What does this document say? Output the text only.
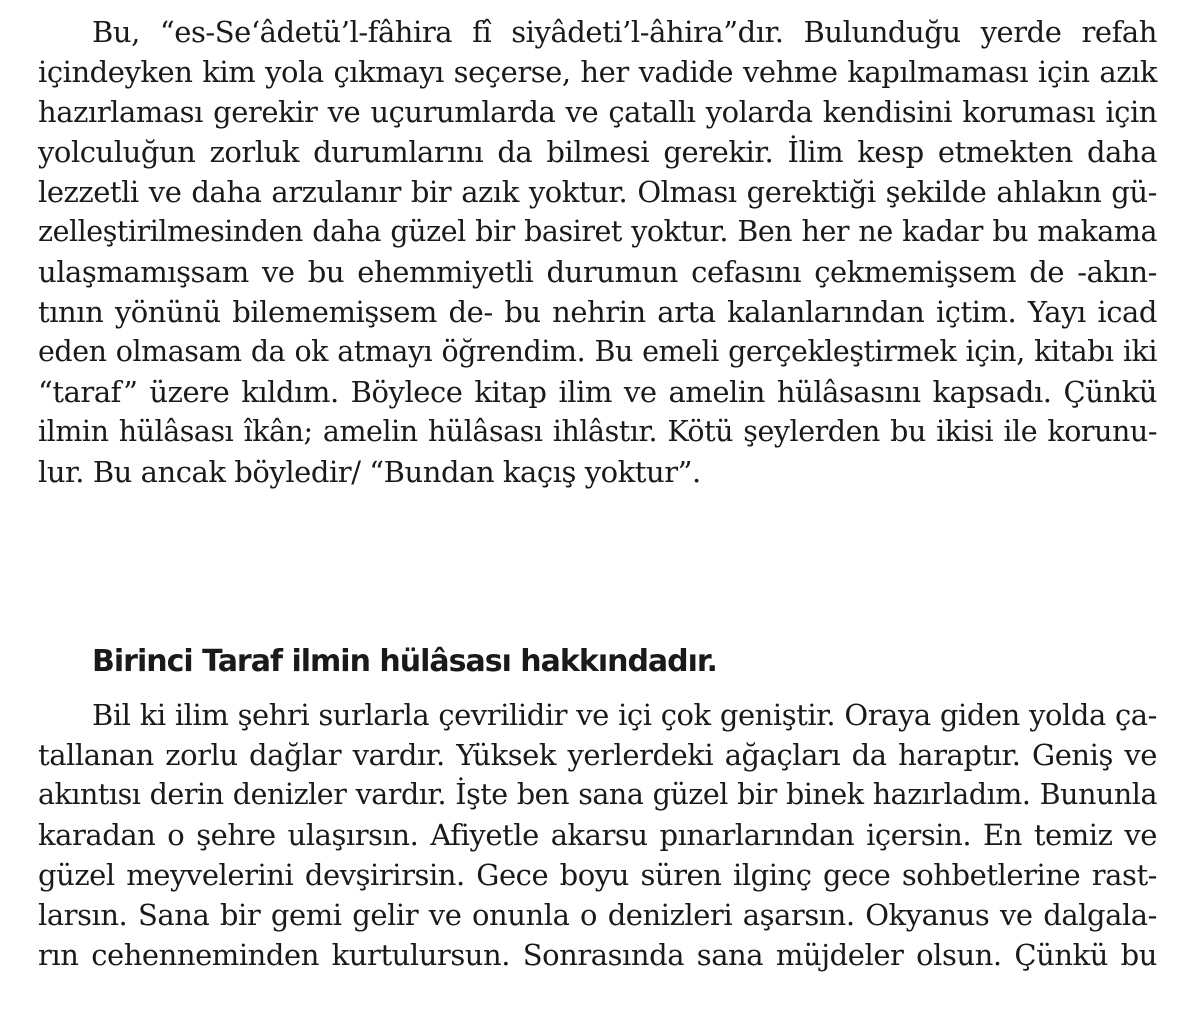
Bu, “es-Se‘âdetü’l-fâhira fî siyâdeti’l-âhira”dır. Bulunduğu yerde refah
içindeyken kim yola çıkmayı seçerse, her vadide vehme kapılmaması için azık
hazırlaması gerekir ve uçurumlarda ve çatallı yolarda kendisini koruması için
yolculuğun zorluk durumlarını da bilmesi gerekir. İlim kesp etmekten daha
lezzetli ve daha arzulanır bir azık yoktur. Olması gerektiği şekilde ahlakın gü-
zelleştirilmesinden daha güzel bir basiret yoktur. Ben her ne kadar bu makama
ulaşmamışsam ve bu ehemmiyetli durumun cefasını çekmemişsem de -akın-
tının yönünü bilememişsem de- bu nehrin arta kalanlarından içtim. Yayı icad
eden olmasam da ok atmayı öğrendim. Bu emeli gerçekleştirmek için, kitabı iki
“taraf” üzere kıldım. Böylece kitap ilim ve amelin hülâsasını kapsadı. Çünkü
ilmin hülâsası îkân; amelin hülâsası ihlâstır. Kötü şeylerden bu ikisi ile korunu-
lur. Bu ancak böyledir/ “Bundan kaçış yoktur”.
Birinci Taraf ilmin hülâsası hakkındadır.
Bil ki ilim şehri surlarla çevrilidir ve içi çok geniştir. Oraya giden yolda ça-
tallanan zorlu dağlar vardır. Yüksek yerlerdeki ağaçları da haraptır. Geniş ve
akıntısı derin denizler vardır. İşte ben sana güzel bir binek hazırladım. Bununla
karadan o şehre ulaşırsın. Afiyetle akarsu pınarlarından içersin. En temiz ve
güzel meyvelerini devşirirsin. Gece boyu süren ilginç gece sohbetlerine rast-
larsın. Sana bir gemi gelir ve onunla o denizleri aşarsın. Okyanus ve dalgala-
rın cehenneminden kurtulursun. Sonrasında sana müjdeler olsun. Çünkü bu
